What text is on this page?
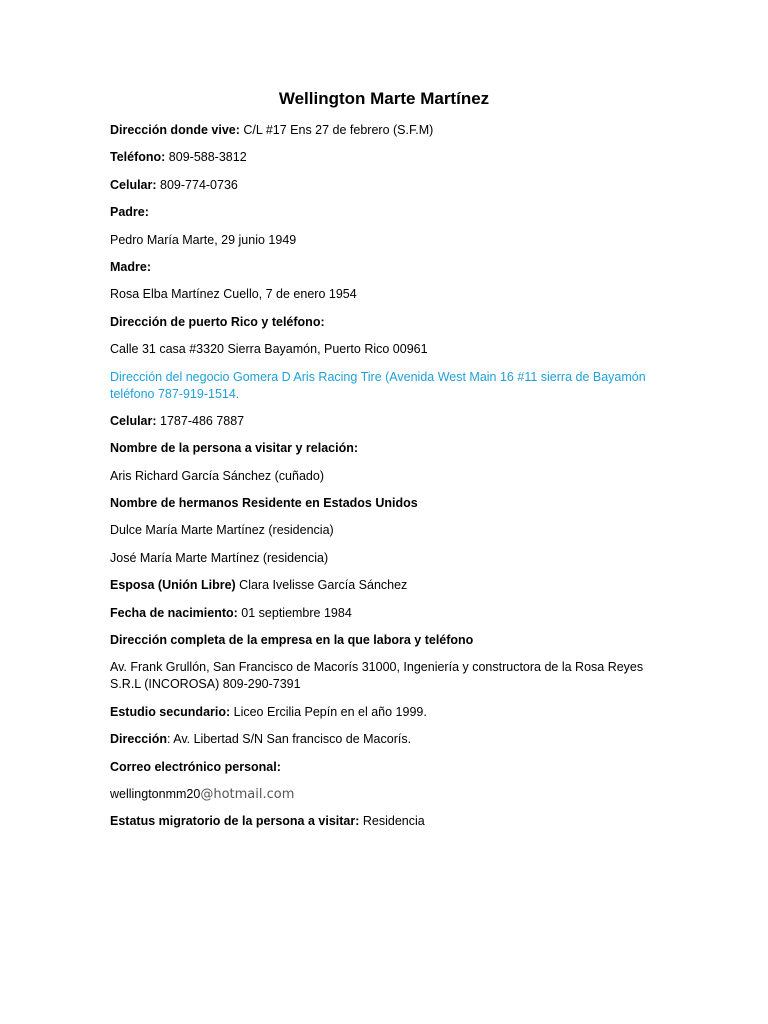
Wellington Marte Martínez
Dirección donde vive: C/L #17 Ens 27 de febrero (S.F.M)
Teléfono: 809-588-3812
Celular: 809-774-0736
Padre:
Pedro María Marte, 29 junio 1949
Madre:
Rosa Elba Martínez Cuello, 7 de enero 1954
Dirección de puerto Rico y teléfono:
Calle 31 casa #3320 Sierra Bayamón, Puerto Rico 00961
Dirección del negocio Gomera D Aris Racing Tire (Avenida West Main 16 #11 sierra de Bayamón teléfono 787-919-1514.
Celular: 1787-486 7887
Nombre de la persona a visitar y relación:
Aris Richard García Sánchez (cuñado)
Nombre de hermanos Residente en Estados Unidos
Dulce María Marte Martínez (residencia)
José María Marte Martínez (residencia)
Esposa (Unión Libre) Clara Ivelisse García Sánchez
Fecha de nacimiento: 01 septiembre 1984
Dirección completa de la empresa en la que labora y teléfono
Av. Frank Grullón, San Francisco de Macorís 31000, Ingeniería y constructora de la Rosa Reyes S.R.L (INCOROSA) 809-290-7391
Estudio secundario: Liceo Ercilia Pepín en el año 1999.
Dirección: Av. Libertad S/N San francisco de Macorís.
Correo electrónico personal:
wellingtonmm20@hotmail.com
Estatus migratorio de la persona a visitar: Residencia
